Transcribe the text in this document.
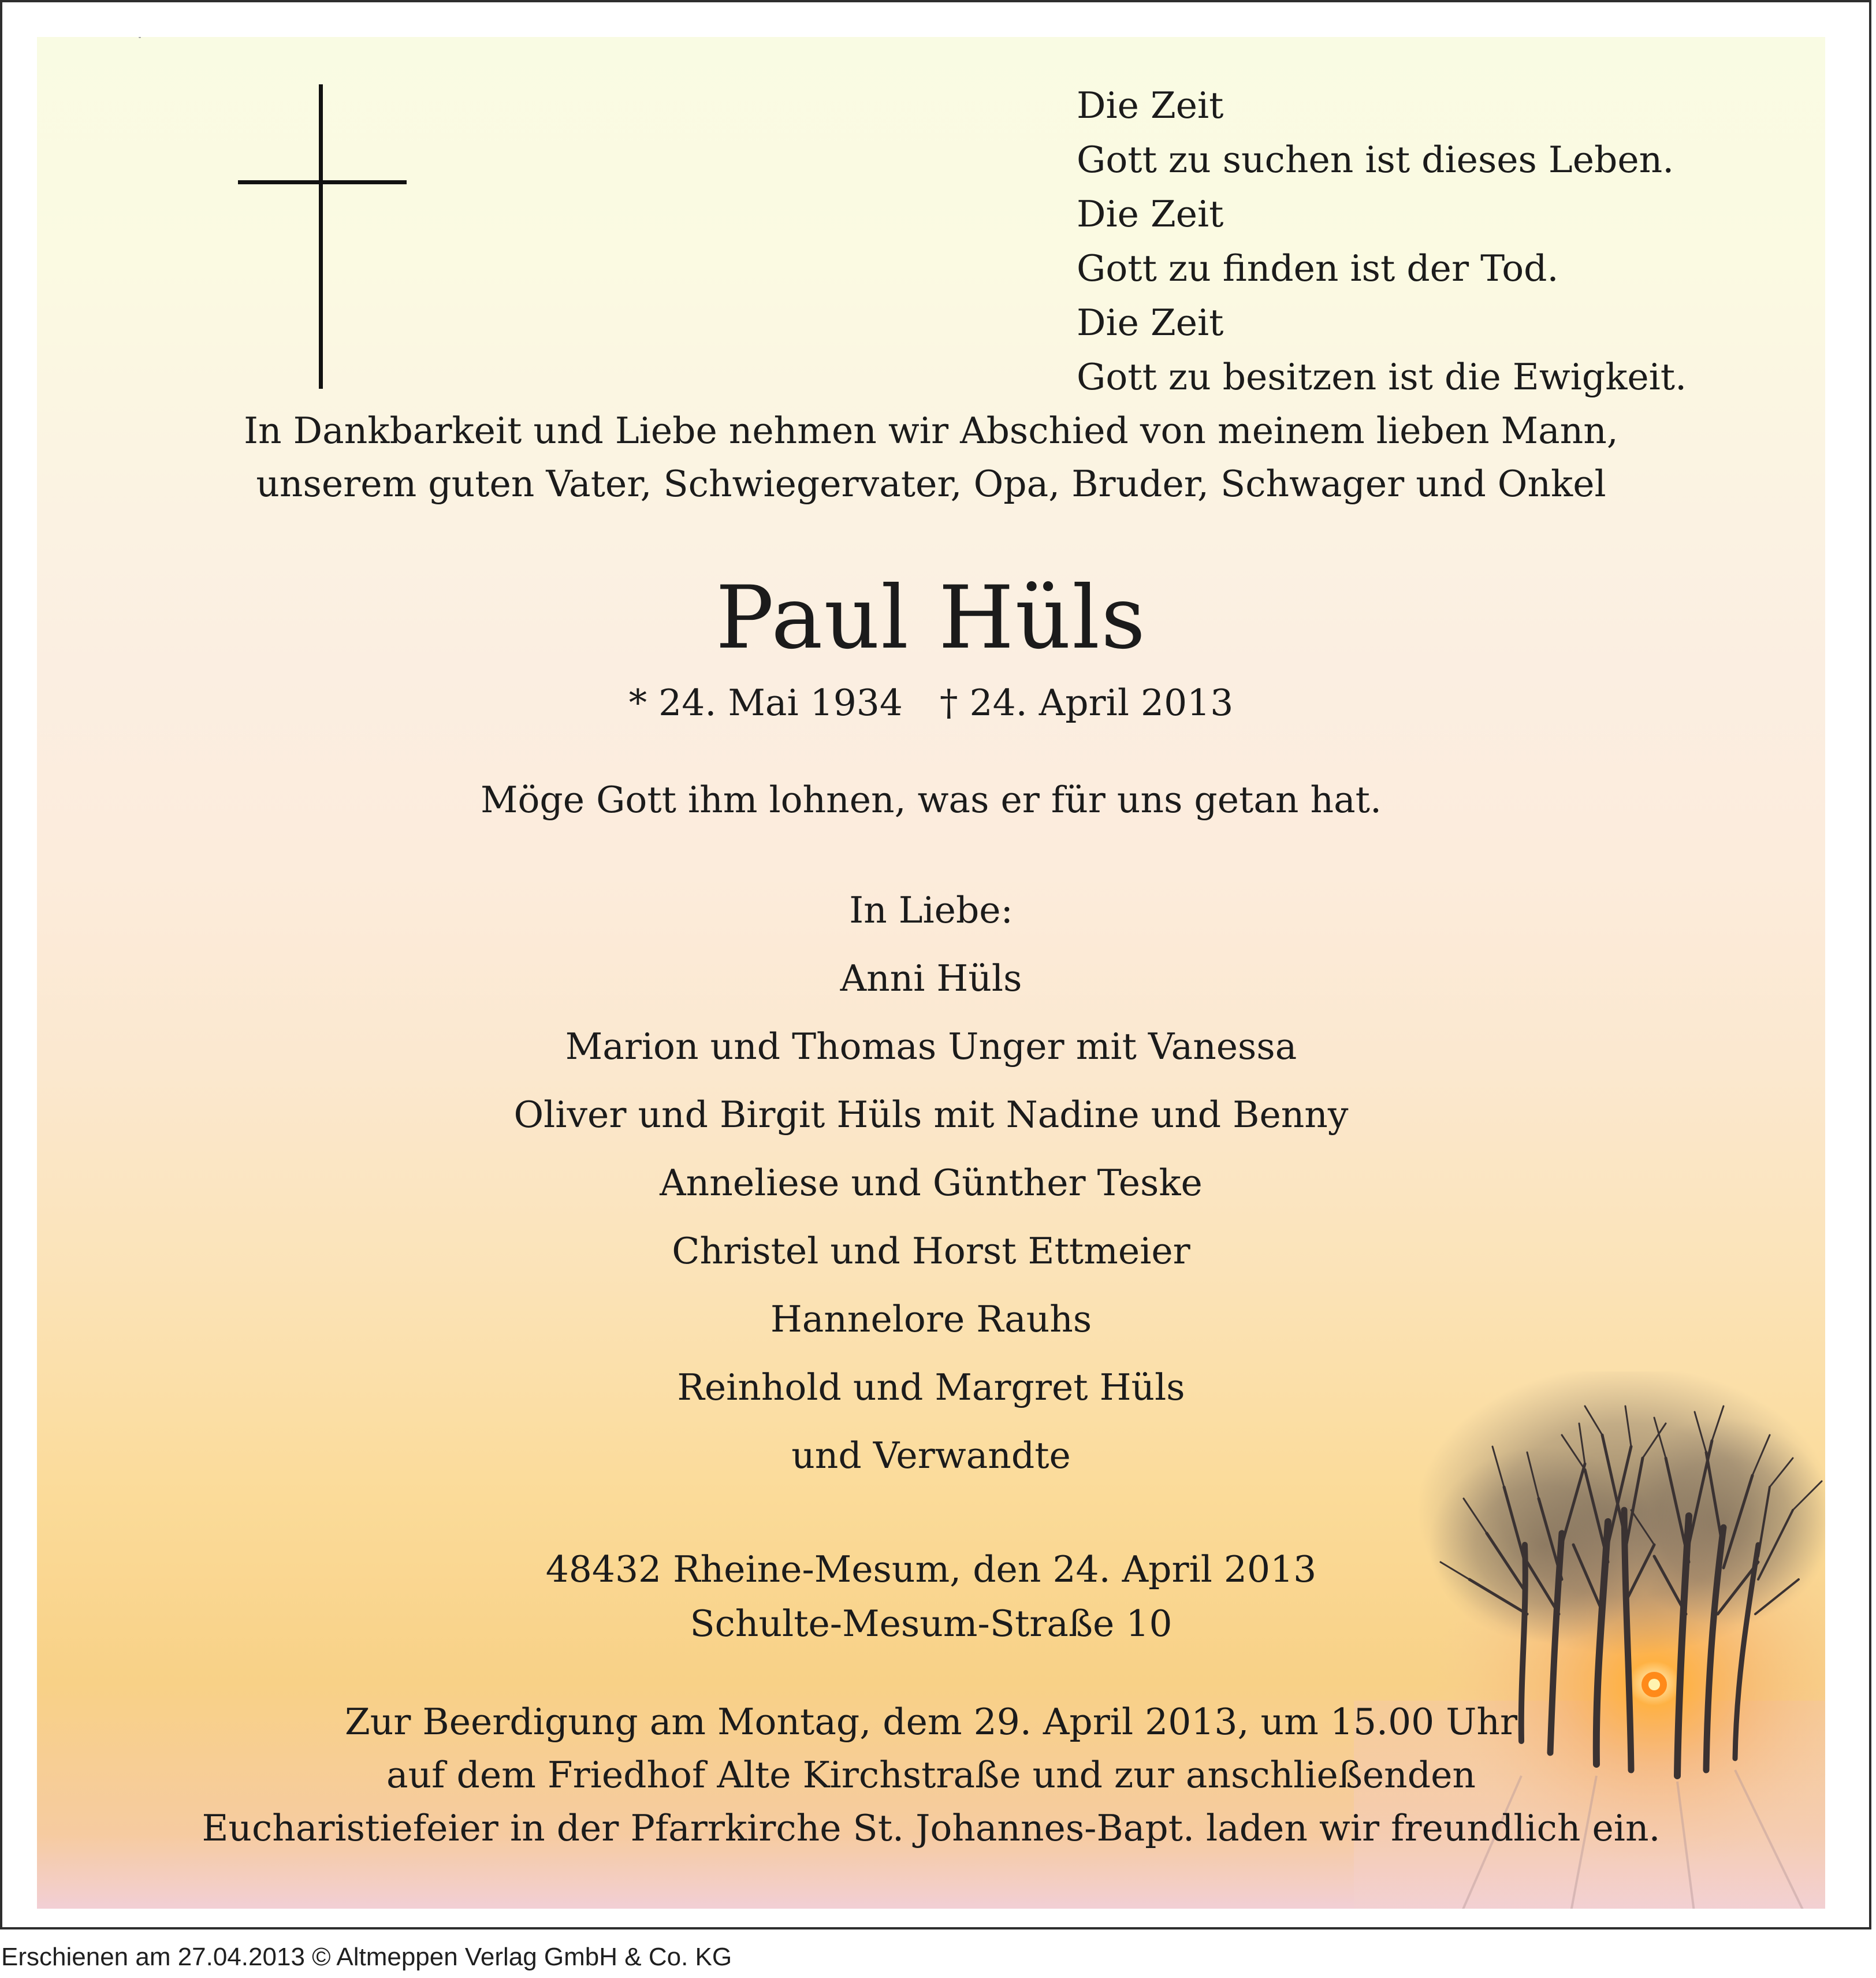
Die Zeit
Gott zu suchen ist dieses Leben.
Die Zeit
Gott zu finden ist der Tod.
Die Zeit
Gott zu besitzen ist die Ewigkeit.
In Dankbarkeit und Liebe nehmen wir Abschied von meinem lieben Mann,
unserem guten Vater, Schwiegervater, Opa, Bruder, Schwager und Onkel
Paul Hüls
* 24. Mai 1934 † 24. April 2013
Möge Gott ihm lohnen, was er für uns getan hat.
In Liebe:
Anni Hüls
Marion und Thomas Unger mit Vanessa
Oliver und Birgit Hüls mit Nadine und Benny
Anneliese und Günther Teske
Christel und Horst Ettmeier
Hannelore Rauhs
Reinhold und Margret Hüls
und Verwandte
48432 Rheine-Mesum, den 24. April 2013
Schulte-Mesum-Straße 10
Zur Beerdigung am Montag, dem 29. April 2013, um 15.00 Uhr
auf dem Friedhof Alte Kirchstraße und zur anschließenden
Eucharistiefeier in der Pfarrkirche St. Johannes-Bapt. laden wir freundlich ein.
Erschienen am 27.04.2013 © Altmeppen Verlag GmbH & Co. KG
